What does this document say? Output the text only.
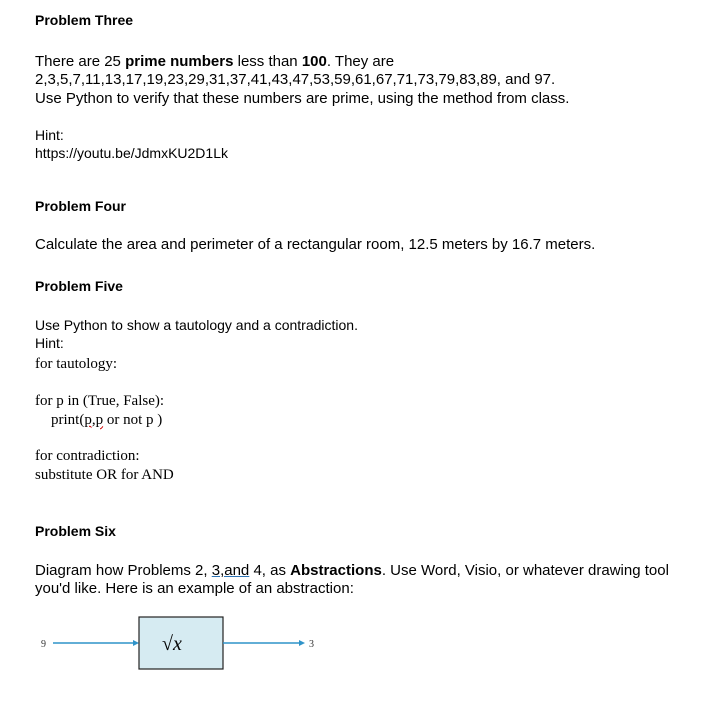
Problem Three
There are 25 prime numbers less than 100. They are
2,3,5,7,11,13,17,19,23,29,31,37,41,43,47,53,59,61,67,71,73,79,83,89, and 97.
Use Python to verify that these numbers are prime, using the method from class.
Hint:
https://youtu.be/JdmxKU2D1Lk
Problem Four
Calculate the area and perimeter of a rectangular room, 12.5 meters by 16.7 meters.
Problem Five
Use Python to show a tautology and a contradiction.
Hint:
for tautology:
for p in (True, False):
print(p,p or not p )
for contradiction:
substitute OR for AND
Problem Six
Diagram how Problems 2, 3,and 4, as Abstractions. Use Word, Visio, or whatever drawing tool
you'd like. Here is an example of an abstraction:
9	√x	3
